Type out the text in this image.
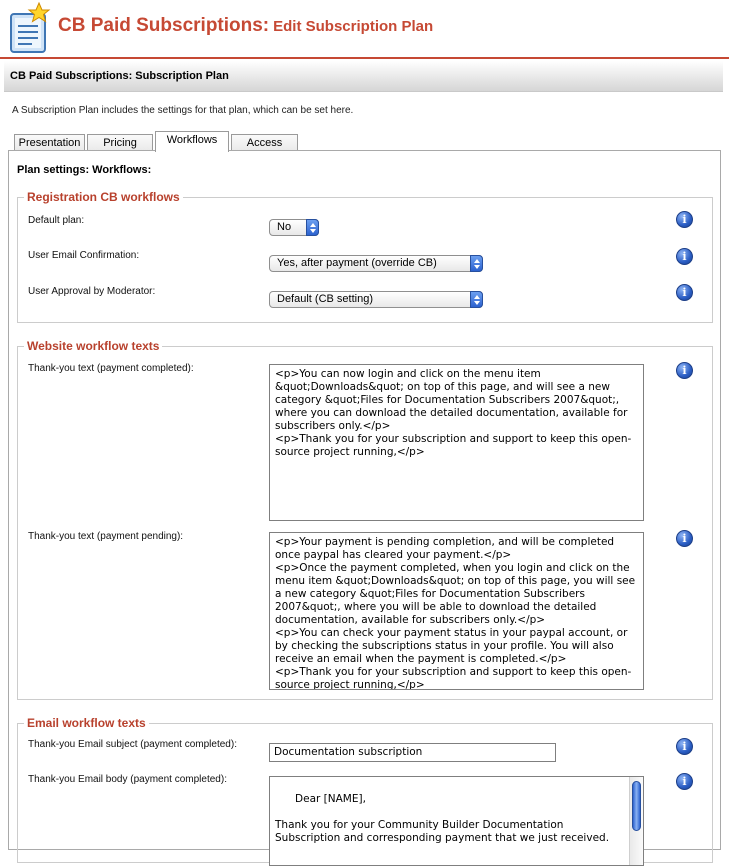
CB Paid Subscriptions: Edit Subscription Plan
CB Paid Subscriptions: Subscription Plan
A Subscription Plan includes the settings for that plan, which can be set here.
Presentation	Pricing	Workflows	Access
Plan settings: Workflows:
Registration CB workflows
Default plan:
No
i
User Email Confirmation:
Yes, after payment (override CB)	i
User Approval by Moderator:
Default (CB setting)	i
Website workflow texts
Thank-you text (payment completed):	<p>You can now login and click on the menu item &quot;Downloads&quot; on top of this page, and will see a new category &quot;Files for Documentation Subscribers 2007&quot;, where you can download the detailed documentation, available for subscribers only.</p>
<p>Thank you for your subscription and support to keep this open-source project running,</p>
i
Thank-you text (payment pending):	<p>Your payment is pending completion, and will be completed once paypal has cleared your payment.</p>
<p>Once the payment completed, when you login and click on the menu item &quot;Downloads&quot; on top of this page, you will see a new category &quot;Files for Documentation Subscribers 2007&quot;, where you will be able to download the detailed documentation, available for subscribers only.</p>
<p>You can check your payment status in your paypal account, or by checking the subscriptions status in your profile. You will also receive an email when the payment is completed.</p>
<p>Thank you for your subscription and support to keep this open-source project running,</p>
i
Email workflow texts
Thank-you Email subject (payment completed):
Documentation subscription	i
Thank-you Email body (payment completed):

Dear [NAME],

Thank you for your Community Builder Documentation Subscription and corresponding payment that we just received.

i
